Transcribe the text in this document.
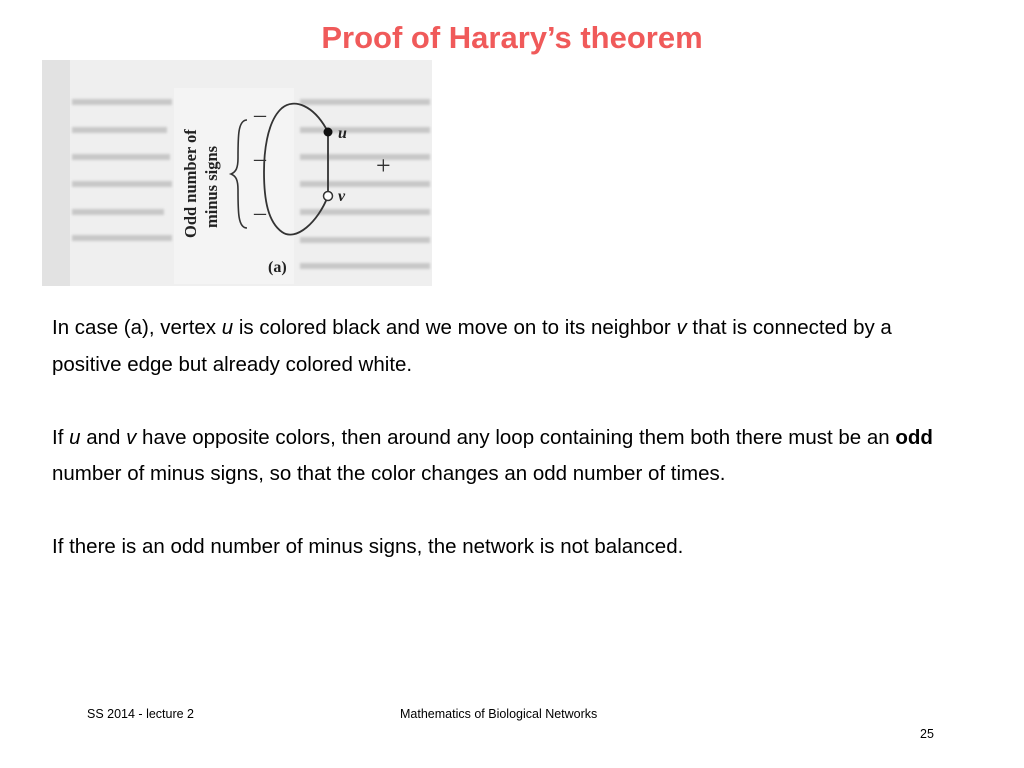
Proof of Harary’s theorem
Odd number of minus signs
–
–
–
u
v
+
(a)

In case (a), vertex u is colored black and we move on to its neighbor v that is connected by a positive edge but already colored white.

If u and v have opposite colors, then around any loop containing them both there must be an odd number of minus signs, so that the color changes an odd number of times.

If there is an odd number of minus signs, the network is not balanced.

SS 2014 - lecture 2	Mathematics of Biological Networks
25
